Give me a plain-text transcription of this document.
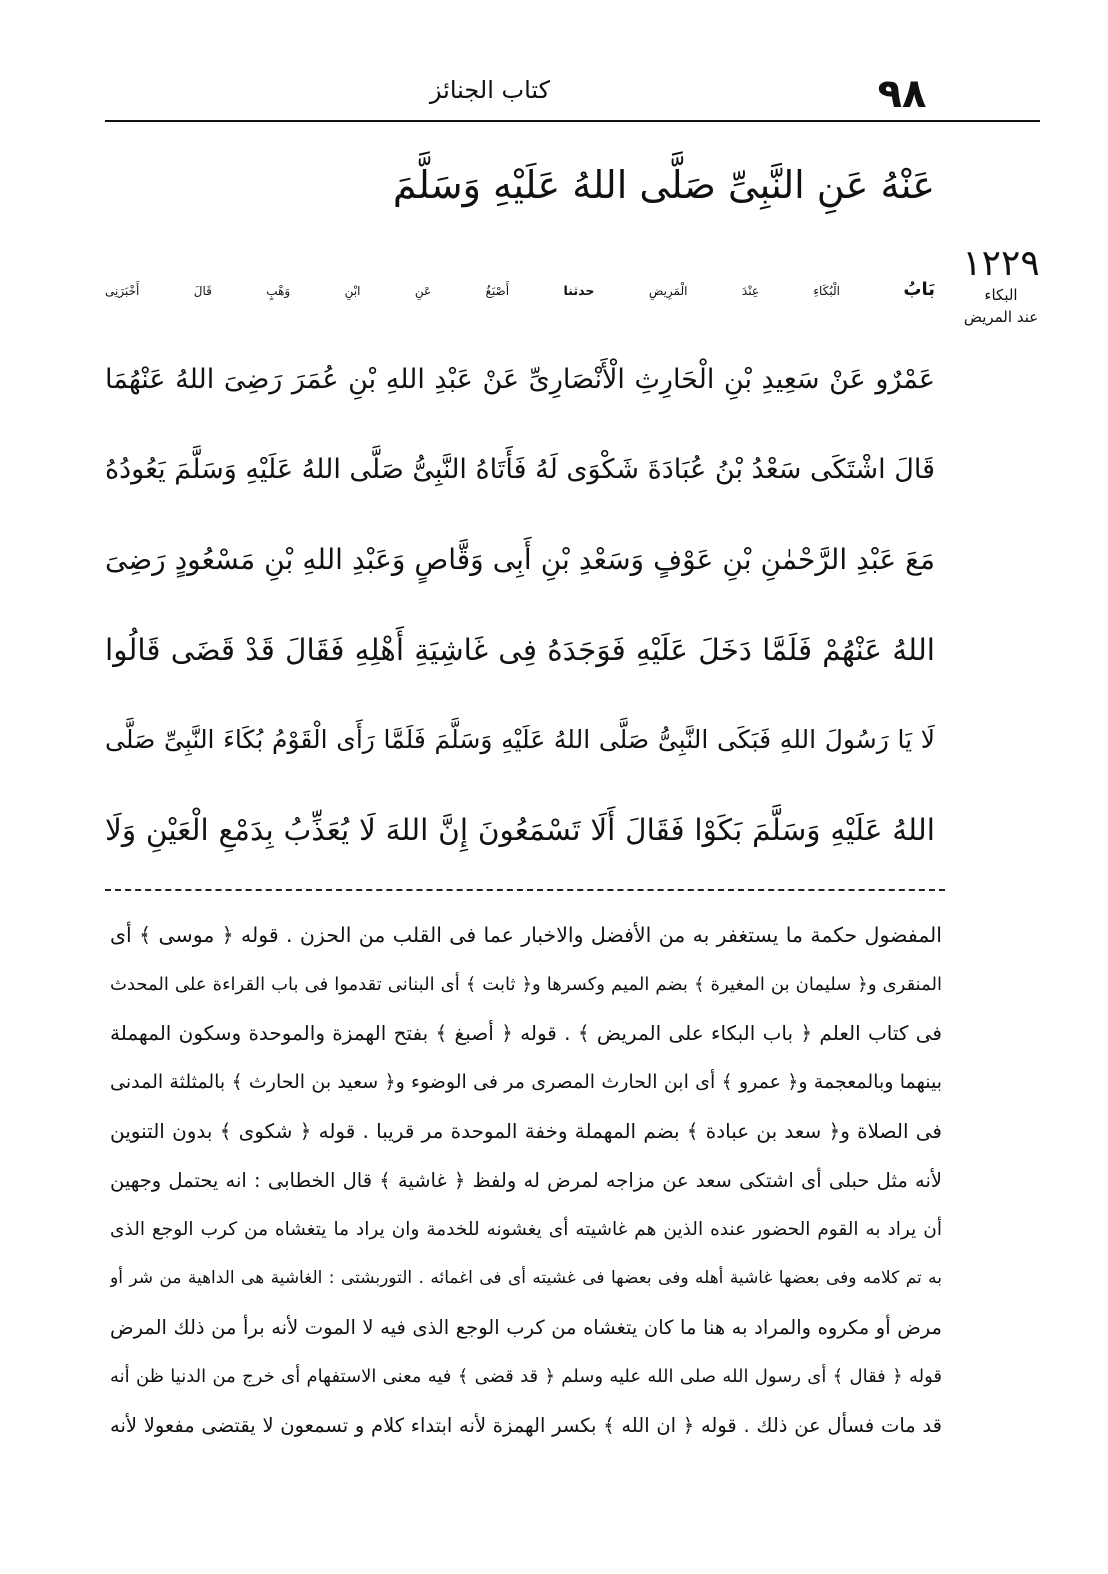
٩٨
كتاب الجنائز
١٢٢٩
البكاء
عند المريض
عَنْهُ عَنِ النَّبِىِّ صَلَّى اللهُ عَلَيْهِ وَسَلَّمَ
بَابُ الْبُكَاءِ عِنْدَ الْمَرِيضِ حدثنا أَصْبَغُ عَنِ ابْنِ وَهْبٍ قَالَ أَخْبَرَنِى
عَمْرٌو عَنْ سَعِيدِ بْنِ الْحَارِثِ الْأَنْصَارِىِّ عَنْ عَبْدِ اللهِ بْنِ عُمَرَ رَضِىَ اللهُ عَنْهُمَا
قَالَ اشْتَكَى سَعْدُ بْنُ عُبَادَةَ شَكْوَى لَهُ فَأَتَاهُ النَّبِىُّ صَلَّى اللهُ عَلَيْهِ وَسَلَّمَ يَعُودُهُ
مَعَ عَبْدِ الرَّحْمٰنِ بْنِ عَوْفٍ وَسَعْدِ بْنِ أَبِى وَقَّاصٍ وَعَبْدِ اللهِ بْنِ مَسْعُودٍ رَضِىَ
اللهُ عَنْهُمْ فَلَمَّا دَخَلَ عَلَيْهِ فَوَجَدَهُ فِى غَاشِيَةِ أَهْلِهِ فَقَالَ قَدْ قَضَى قَالُوا
لَا يَا رَسُولَ اللهِ فَبَكَى النَّبِىُّ صَلَّى اللهُ عَلَيْهِ وَسَلَّمَ فَلَمَّا رَأَى الْقَوْمُ بُكَاءَ النَّبِىِّ صَلَّى
اللهُ عَلَيْهِ وَسَلَّمَ بَكَوْا فَقَالَ أَلَا تَسْمَعُونَ إِنَّ اللهَ لَا يُعَذِّبُ بِدَمْعِ الْعَيْنِ وَلَا
المفضول حكمة ما يستغفر به من الأفضل والاخبار عما فى القلب من الحزن . قوله ﴿ موسى ﴾ أى
المنقرى و﴿ سليمان بن المغيرة ﴾ بضم الميم وكسرها و﴿ ثابت ﴾ أى البنانى تقدموا فى باب القراءة على المحدث
فى كتاب العلم ﴿ باب البكاء على المريض ﴾ . قوله ﴿ أصبغ ﴾ بفتح الهمزة والموحدة وسكون المهملة
بينهما وبالمعجمة و﴿ عمرو ﴾ أى ابن الحارث المصرى مر فى الوضوء و﴿ سعيد بن الحارث ﴾ بالمثلثة المدنى
فى الصلاة و﴿ سعد بن عبادة ﴾ بضم المهملة وخفة الموحدة مر قريبا . قوله ﴿ شكوى ﴾ بدون التنوين
لأنه مثل حبلى أى اشتكى سعد عن مزاجه لمرض له ولفظ ﴿ غاشية ﴾ قال الخطابى : انه يحتمل وجهين
أن يراد به القوم الحضور عنده الذين هم غاشيته أى يغشونه للخدمة وان يراد ما يتغشاه من كرب الوجع الذى
به تم كلامه وفى بعضها غاشية أهله وفى بعضها فى غشيته أى فى اغمائه . التوربشتى : الغاشية هى الداهية من شر أو
مرض أو مكروه والمراد به هنا ما كان يتغشاه من كرب الوجع الذى فيه لا الموت لأنه برأ من ذلك المرض
قوله ﴿ فقال ﴾ أى رسول الله صلى الله عليه وسلم ﴿ قد قضى ﴾ فيه معنى الاستفهام أى خرج من الدنيا ظن أنه
قد مات فسأل عن ذلك . قوله ﴿ ان الله ﴾ بكسر الهمزة لأنه ابتداء كلام و تسمعون لا يقتضى مفعولا لأنه
